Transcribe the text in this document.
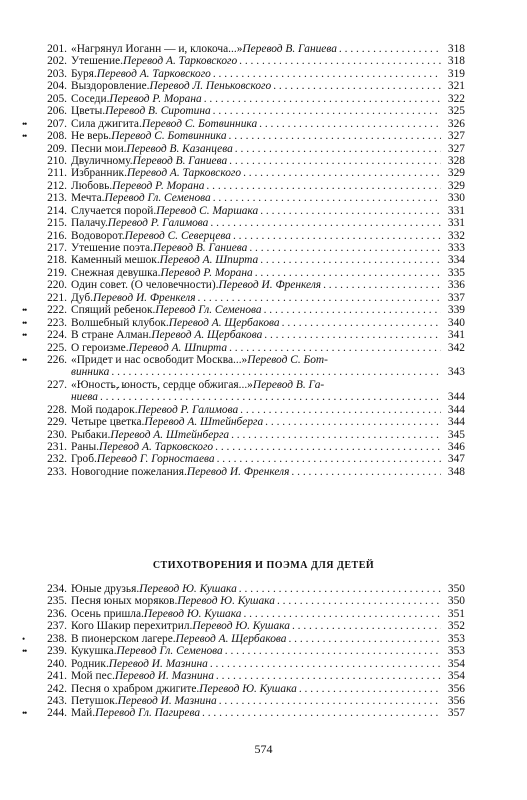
201. «Нагрянул Иоганн — и, клокоча...» Перевод В. Ганиева . . .	318
202. Утешение. Перевод А. Тарковского . . .	318
203. Буря. Перевод А. Тарковского . . .	319
204. Выздоровление. Перевод Л. Пеньковского . . .	321
205. Соседи. Перевод Р. Морана . . .	322
206. Цветы. Перевод В. Сиротина . . .	325
••	207. Сила джигита. Перевод С. Ботвинника . . .	326
••	208. Не верь. Перевод С. Ботвинника . . .	327
209. Песни мои. Перевод В. Казанцева . . .	327
210. Двуличному. Перевод В. Ганиева . . .	328
211. Избранник. Перевод А. Тарковского . . .	329
212. Любовь. Перевод Р. Морана . . .	329
213. Мечта. Перевод Гл. Семенова . . .	330
214. Случается порой. Перевод С. Маршака . . .	331
215. Палачу. Перевод Р. Галимова . . .	331
216. Водоворот. Перевод С. Северцева . . .	332
217. Утешение поэта. Перевод В. Ганиева . . .	333
218. Каменный мешок. Перевод А. Шпирта . . .	334
219. Снежная девушка. Перевод Р. Морана . . .	335
220. Один совет. (О человечности). Перевод И. Френкеля . . .	336
221. Дуб. Перевод И. Френкеля . . .	337
••	222. Спящий ребенок. Перевод Гл. Семенова . . .	339
••	223. Волшебный клубок. Перевод А. Щербакова . . .	340
••	224. В стране Алман. Перевод А. Щербакова . . .	341
225. О героизме. Перевод А. Шпирта . . .	342
••	226. «Придет и нас освободит Москва...» Перевод С. Бот-
винника . . .	343
227. «Юность, юность, сердце обжигая...» Перевод В. Га-
ниева . . .	344
228. Мой подарок. Перевод Р. Галимова . . .	344
229. Четыре цветка. Перевод А. Штейнберга . . .	344
230. Рыбаки. Перевод А. Штейнберга . . .	345
231. Раны. Перевод А. Тарковского . . .	346
232. Гроб. Перевод Г. Горностаева . . .	347
233. Новогодние пожелания. Перевод И. Френкеля . . .	348
СТИХОТВОРЕНИЯ И ПОЭМА ДЛЯ ДЕТЕЙ
234. Юные друзья. Перевод Ю. Кушака . . .	350
235. Песня юных моряков. Перевод Ю. Кушака . . .	350
236. Осень пришла. Перевод Ю. Кушака . . .	351
237. Кого Шакир перехитрил. Перевод Ю. Кушака . . .	352
•	238. В пионерском лагере. Перевод А. Щербакова . . .	353
••	239. Кукушка. Перевод Гл. Семенова . . .	353
240. Родник. Перевод И. Мазнина . . .	354
241. Мой пес. Перевод И. Мазнина . . .	354
242. Песня о храбром джигите. Перевод Ю. Кушака . . .	356
243. Петушок. Перевод И. Мазнина . . .	356
••	244. Май. Перевод Гл. Пагирева . . .	357
574
